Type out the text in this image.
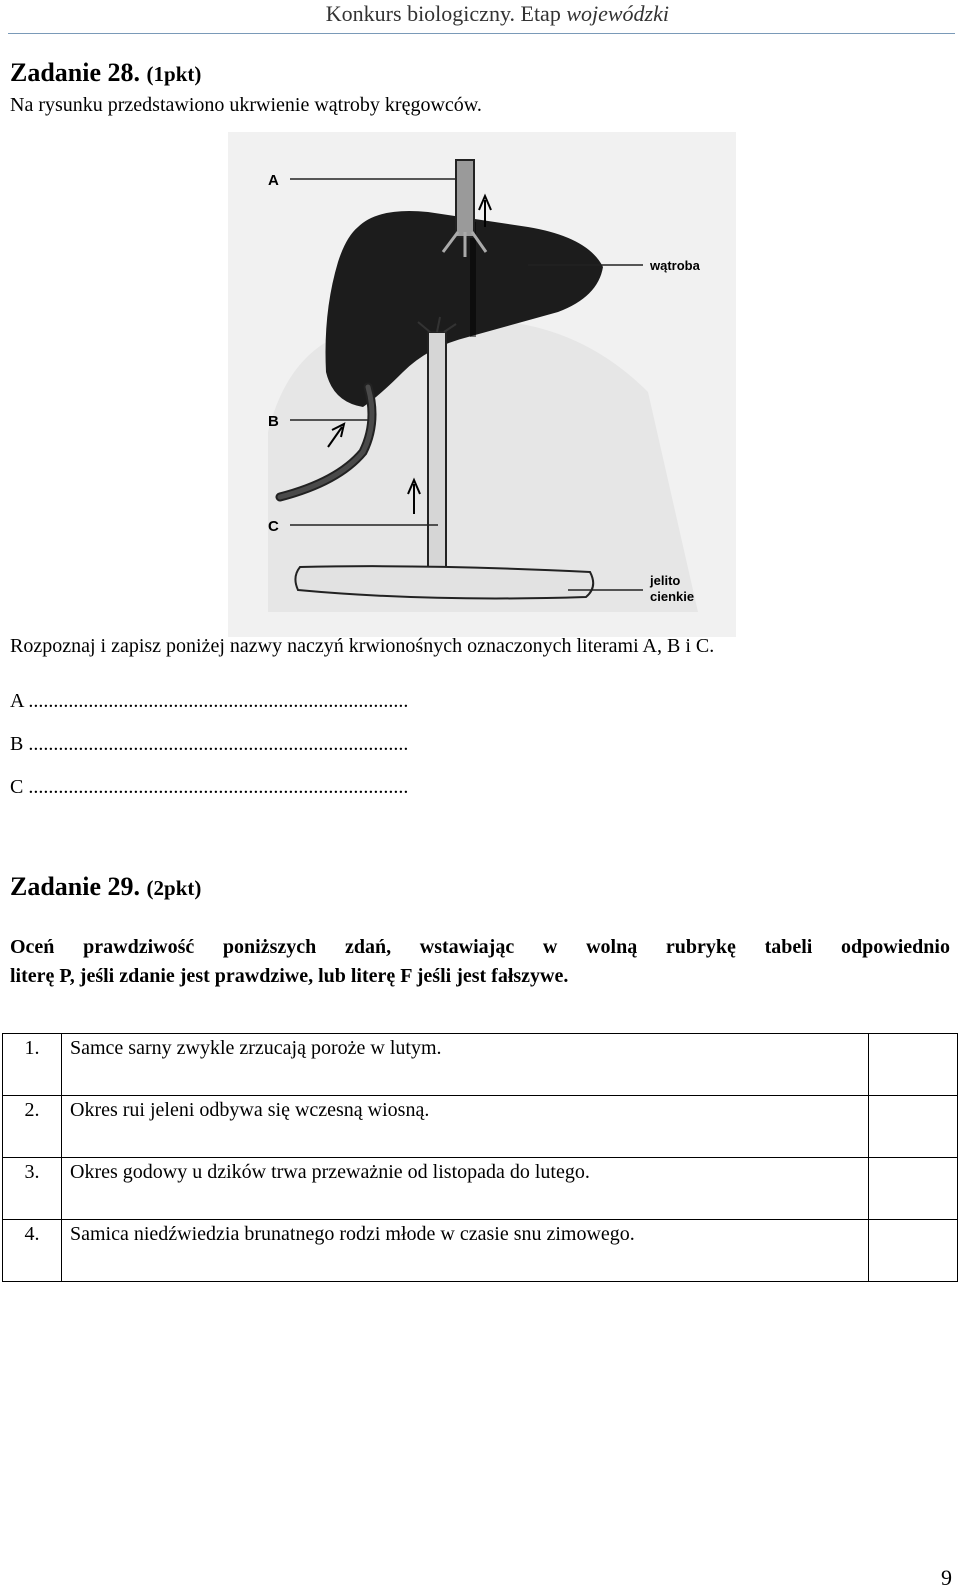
Konkurs biologiczny. Etap wojewódzki
Zadanie 28. (1pkt)
Na rysunku przedstawiono ukrwienie wątroby kręgowców.
A
B
C
wątroba
jelito
cienkie
Rozpoznaj i zapisz poniżej nazwy naczyń krwionośnych oznaczonych literami A, B i C.
A ............................................................................
B ............................................................................
C ............................................................................
Zadanie 29. (2pkt)
Oceń prawdziwość poniższych zdań, wstawiając w wolną rubrykę tabeli odpowiednio
literę P, jeśli zdanie jest prawdziwe, lub literę F jeśli jest fałszywe.
1.	Samce sarny zwykle zrzucają poroże w lutym.	
2.	Okres rui jeleni odbywa się wczesną wiosną.	
3.	Okres godowy u dzików trwa przeważnie od listopada do lutego.	
4.	Samica niedźwiedzia brunatnego rodzi młode w czasie snu zimowego.	
9
